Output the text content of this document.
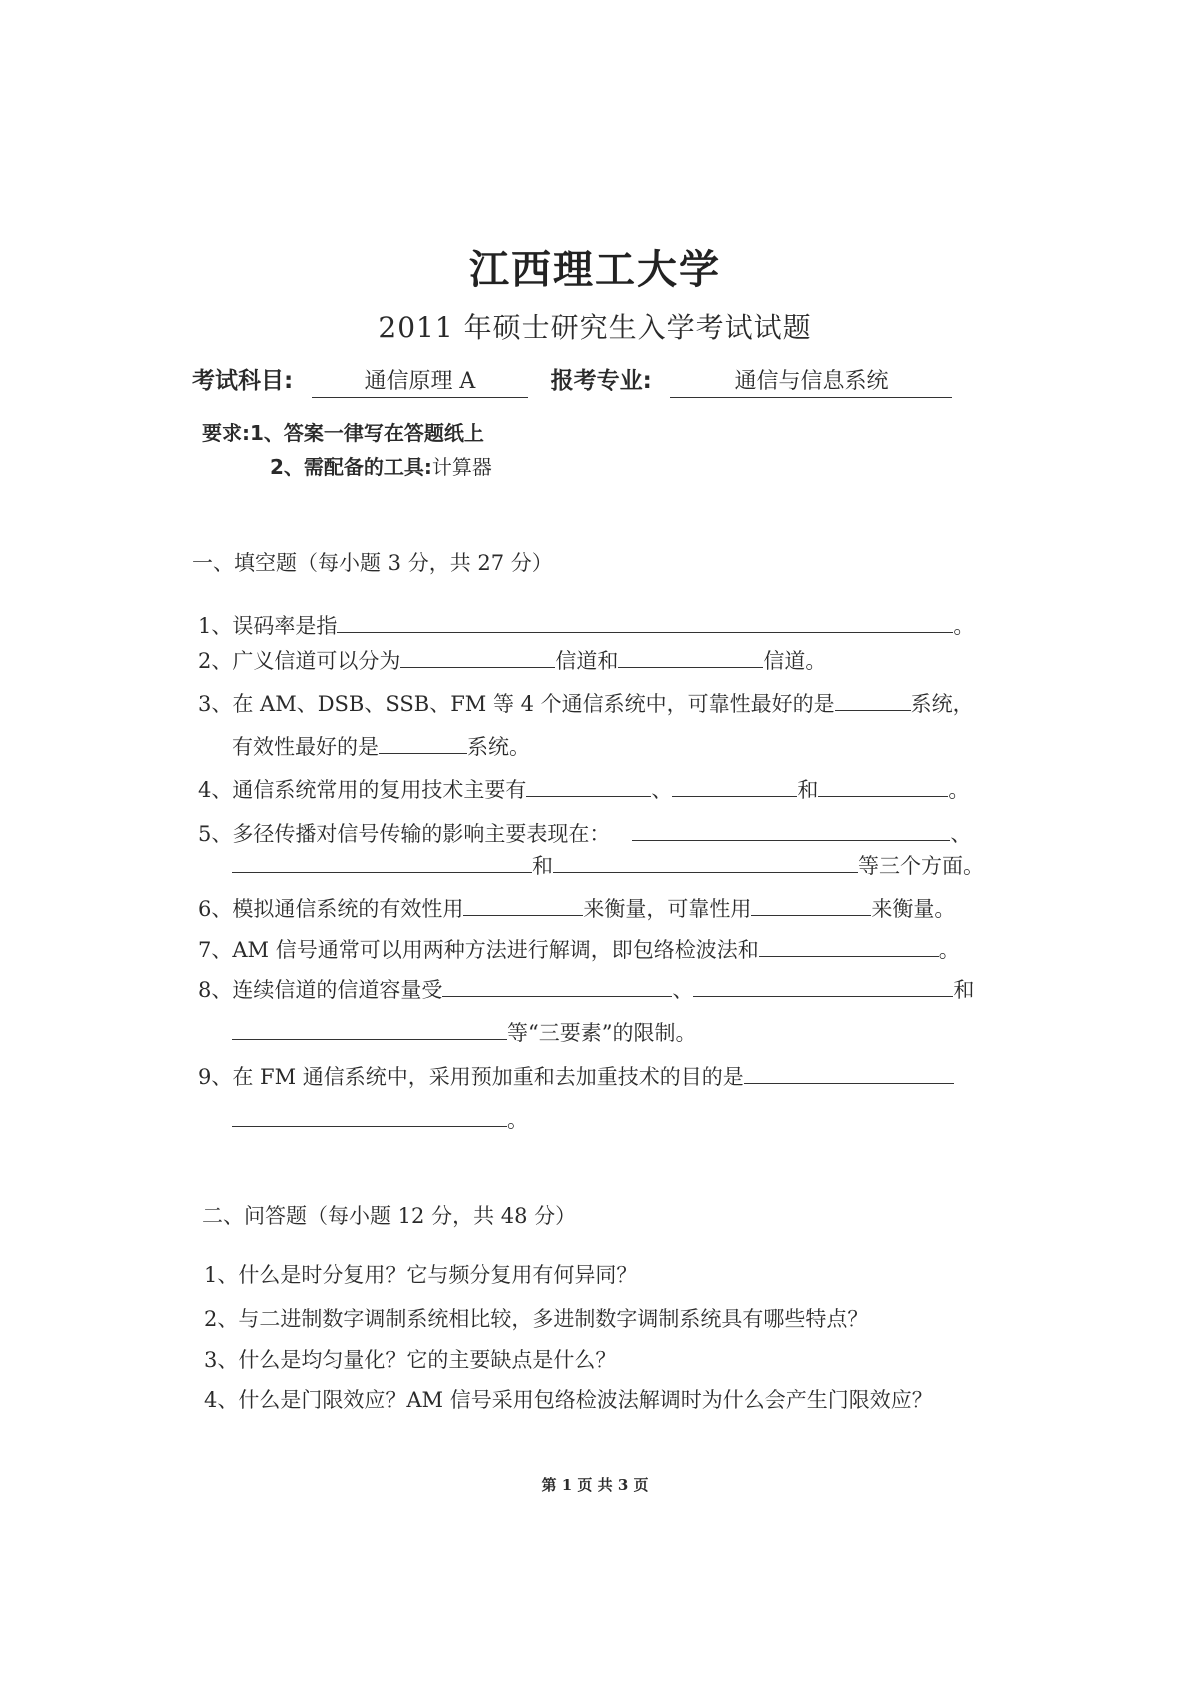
江西理工大学
2011 年硕士研究生入学考试试题
考试科目:	通信原理 A	报考专业:	通信与信息系统
要求:1、答案一律写在答题纸上
2、需配备的工具:计算器
一、填空题（每小题 3 分，共 27 分）
1、误码率是指	。
2、广义信道可以分为	信道和	信道。
3、在 AM、DSB、SSB、FM 等 4 个通信系统中，可靠性最好的是	系统，
有效性最好的是	系统。
4、通信系统常用的复用技术主要有	、	和	。
5、多径传播对信号传输的影响主要表现在：	、
和	等三个方面。
6、模拟通信系统的有效性用	来衡量，可靠性用	来衡量。
7、AM 信号通常可以用两种方法进行解调，即包络检波法和	。
8、连续信道的信道容量受	、	和
等“三要素”的限制。
9、在 FM 通信系统中，采用预加重和去加重技术的目的是
。
二、问答题（每小题 12 分，共 48 分）
1、什么是时分复用？它与频分复用有何异同？
2、与二进制数字调制系统相比较，多进制数字调制系统具有哪些特点？
3、什么是均匀量化？它的主要缺点是什么？
4、什么是门限效应？AM 信号采用包络检波法解调时为什么会产生门限效应？
第 1 页 共 3 页
